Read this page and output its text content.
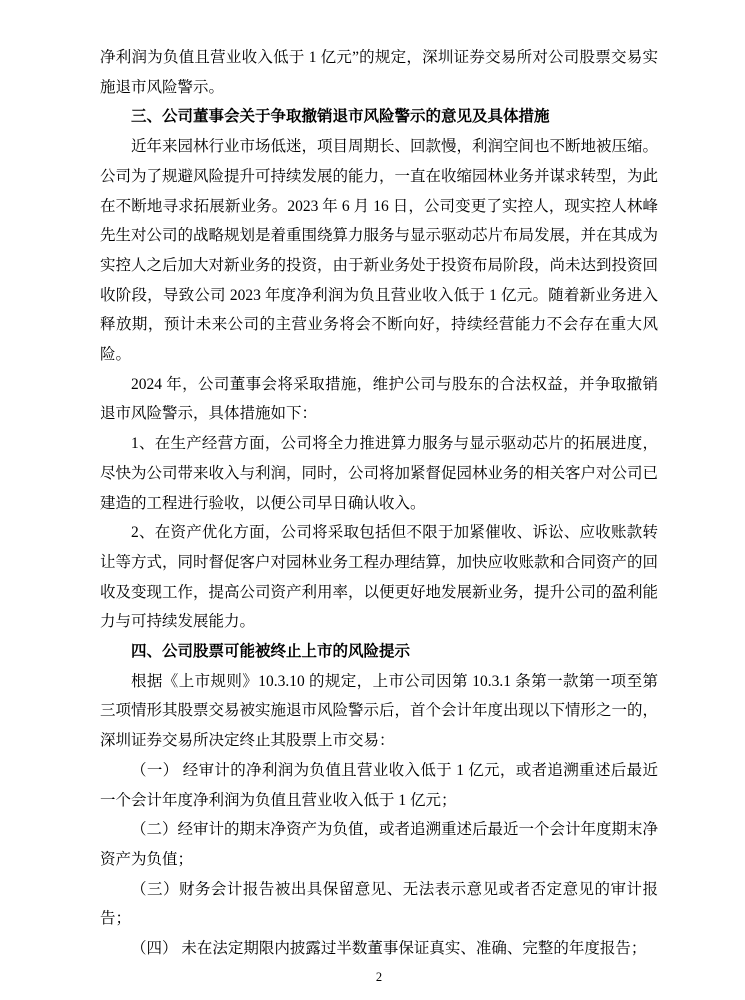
净利润为负值且营业收入低于 1 亿元”的规定，深圳证券交易所对公司股票交易实施退市风险警示。

三、公司董事会关于争取撤销退市风险警示的意见及具体措施

近年来园林行业市场低迷，项目周期长、回款慢，利润空间也不断地被压缩。公司为了规避风险提升可持续发展的能力，一直在收缩园林业务并谋求转型，为此在不断地寻求拓展新业务。2023 年 6 月 16 日，公司变更了实控人，现实控人林峰先生对公司的战略规划是着重围绕算力服务与显示驱动芯片布局发展，并在其成为实控人之后加大对新业务的投资，由于新业务处于投资布局阶段，尚未达到投资回收阶段，导致公司 2023 年度净利润为负且营业收入低于 1 亿元。随着新业务进入释放期，预计未来公司的主营业务将会不断向好，持续经营能力不会存在重大风险。

2024 年，公司董事会将采取措施，维护公司与股东的合法权益，并争取撤销退市风险警示，具体措施如下：

1、在生产经营方面，公司将全力推进算力服务与显示驱动芯片的拓展进度，尽快为公司带来收入与利润，同时，公司将加紧督促园林业务的相关客户对公司已建造的工程进行验收，以便公司早日确认收入。

2、在资产优化方面，公司将采取包括但不限于加紧催收、诉讼、应收账款转让等方式，同时督促客户对园林业务工程办理结算，加快应收账款和合同资产的回收及变现工作，提高公司资产利用率，以便更好地发展新业务，提升公司的盈利能力与可持续发展能力。

四、公司股票可能被终止上市的风险提示

根据《上市规则》10.3.10 的规定，上市公司因第 10.3.1 条第一款第一项至第三项情形其股票交易被实施退市风险警示后，首个会计年度出现以下情形之一的，深圳证券交易所决定终止其股票上市交易：

（一） 经审计的净利润为负值且营业收入低于 1 亿元，或者追溯重述后最近一个会计年度净利润为负值且营业收入低于 1 亿元；

（二）经审计的期末净资产为负值，或者追溯重述后最近一个会计年度期末净资产为负值；

（三）财务会计报告被出具保留意见、无法表示意见或者否定意见的审计报告；

（四） 未在法定期限内披露过半数董事保证真实、准确、完整的年度报告；

2
